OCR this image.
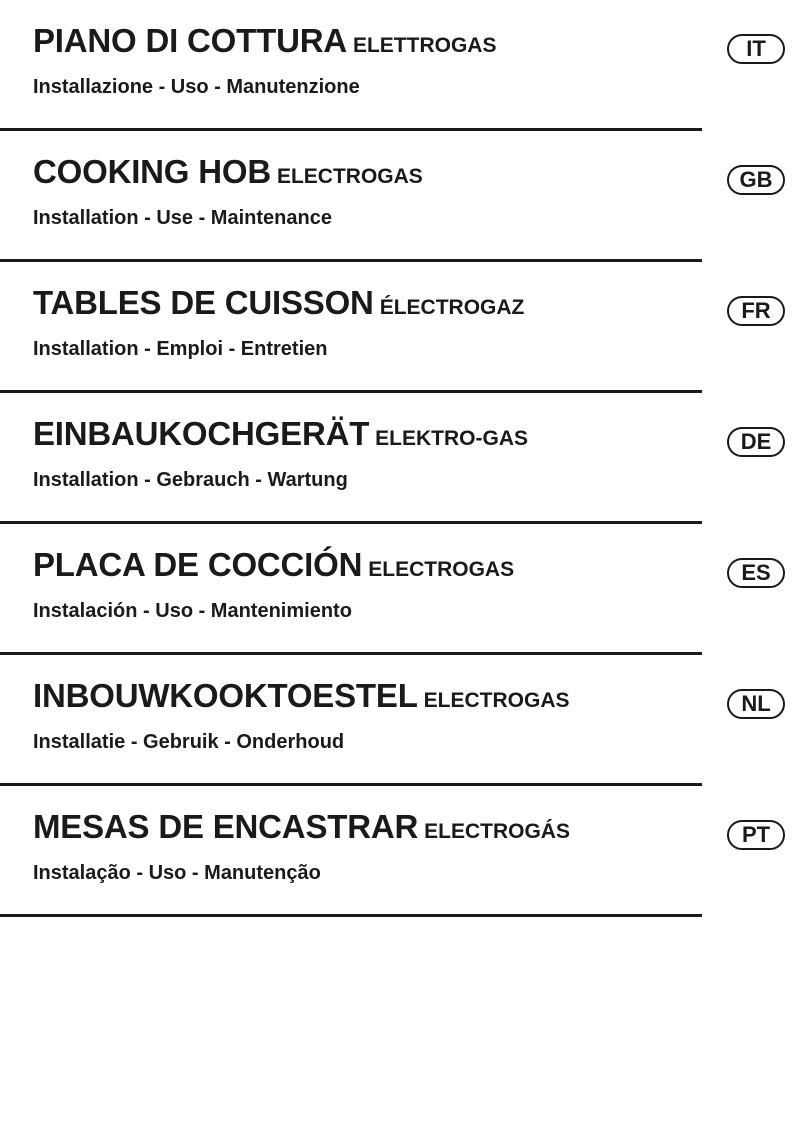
PIANO DI COTTURA ELETTROGAS
Installazione - Uso - Manutenzione
IT
COOKING HOB ELECTROGAS
Installation - Use - Maintenance
GB
TABLES DE CUISSON ÉLECTROGAZ
Installation - Emploi - Entretien
FR
EINBAUKOCHGERÄT ELEKTRO-GAS
Installation - Gebrauch - Wartung
DE
PLACA DE COCCIÓN ELECTROGAS
Instalación - Uso - Mantenimiento
ES
INBOUWKOOKTOESTEL ELECTROGAS
Installatie - Gebruik - Onderhoud
NL
MESAS DE ENCASTRAR ELECTROGÁS
Instalação - Uso - Manutenção
PT
